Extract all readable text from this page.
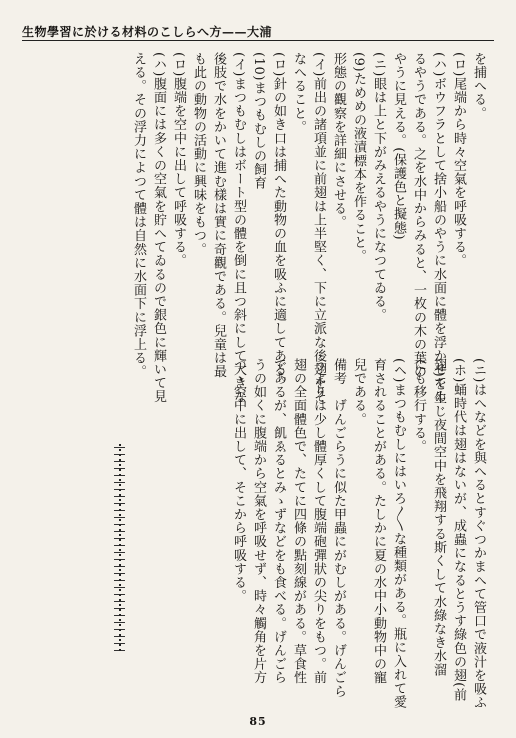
生物學習に於ける材料のこしらへ方——大浦
を捕へる。
(ロ)尾端から時々空氣を呼吸する。
(ハ)ボウフラとして捨小船のやうに水面に體を浮かせてゐ
るやうである。之を水中からみると、一枚の木の葉の
やうに見える。(保護色と擬態)
(ニ)眼は上と下がみえるやうになつてゐる。
(9)ためめの液漬標本を作ること。
形態の觀察を詳細にさせる。
(イ)前出の諸項並に前翅は上半堅く、下に立派な後翅をそ
なへること。
(ロ)針の如き口は捕へた動物の血を吸ふに適してある。
(10)まつもむしの飼育
(イ)まつもむしはボート型の體を倒に且つ斜にして大きな
後肢で水をかいて進む樣は實に奇觀である。兒童は最
も此の動物の活動に興味をもつ。
(ロ)腹端を空中に出して呼吸する。
(ハ)腹面には多くの空氣を貯へてゐるので銀色に輝いて見
える。その浮力によつて體は自然に水面下に浮上る。
(ニ)はへなどを與へるとすぐつかまへて管口で液汁を吸ふ
(ホ)蛹時代は翅はないが、成蟲になるとうす綠色の翅(前
翅)を生じ夜間空中を飛翔する斯くして水綠なき水溜
にも移行する。
(ヘ)まつもむしにはいろ〳〵な種類がある。瓶に入れて愛
育されることがある。たしかに夏の水中小動物中の寵
兒である。
備考　げんごらうに似た甲蟲にがむしがある。げんごら
うよりは少し體厚くして腹端砲彈狀の尖りをもつ。前
翅の全面體色で、たてに四條の點刻線がある。草食性
であるが、飢ゑるとみゝずなどをも食べる。げんごら
うの如くに腹端から空氣を呼吸せず、時々觸角を片方
づゝ空中に出して、そこから呼吸する。
85
